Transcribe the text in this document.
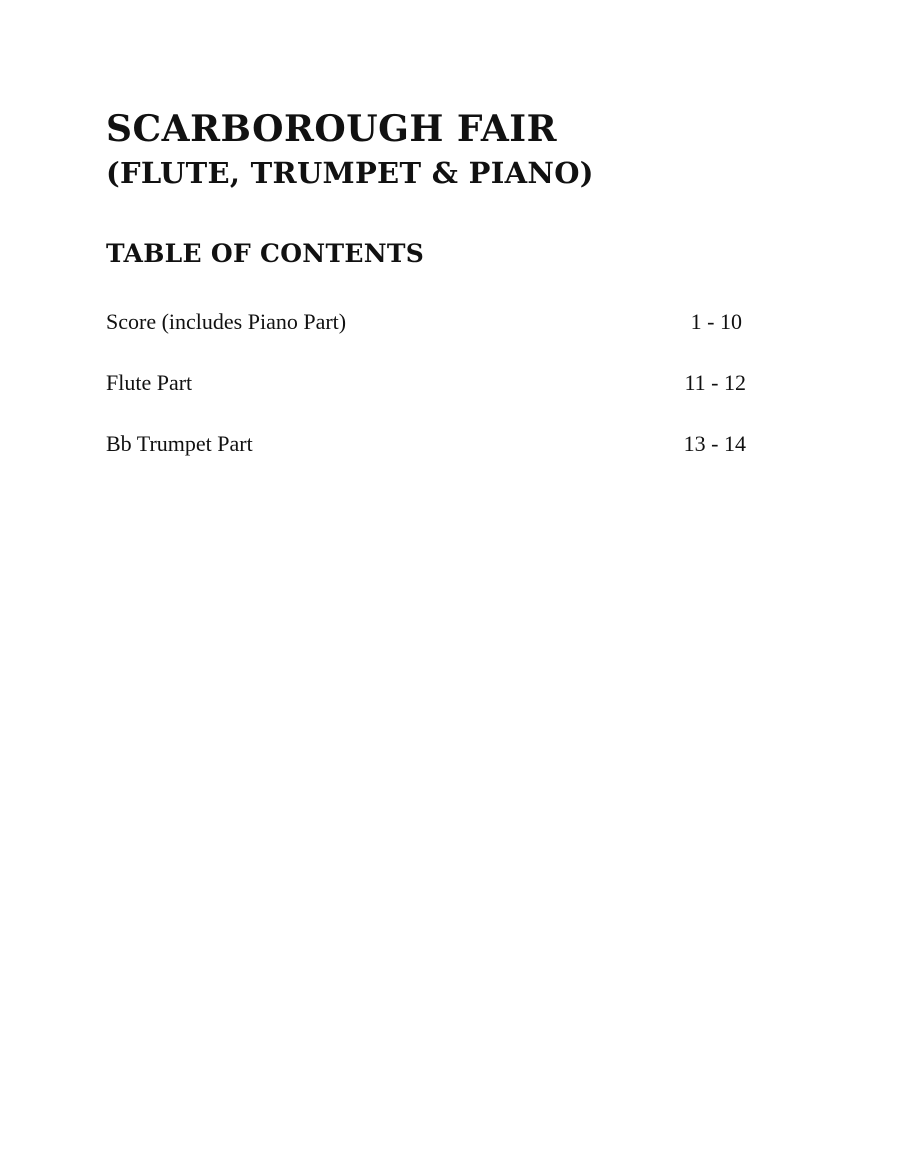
SCARBOROUGH FAIR
(FLUTE, TRUMPET & PIANO)
TABLE OF CONTENTS
Score (includes Piano Part)	1 - 10
Flute Part	11 - 12
Bb Trumpet Part	13 - 14
